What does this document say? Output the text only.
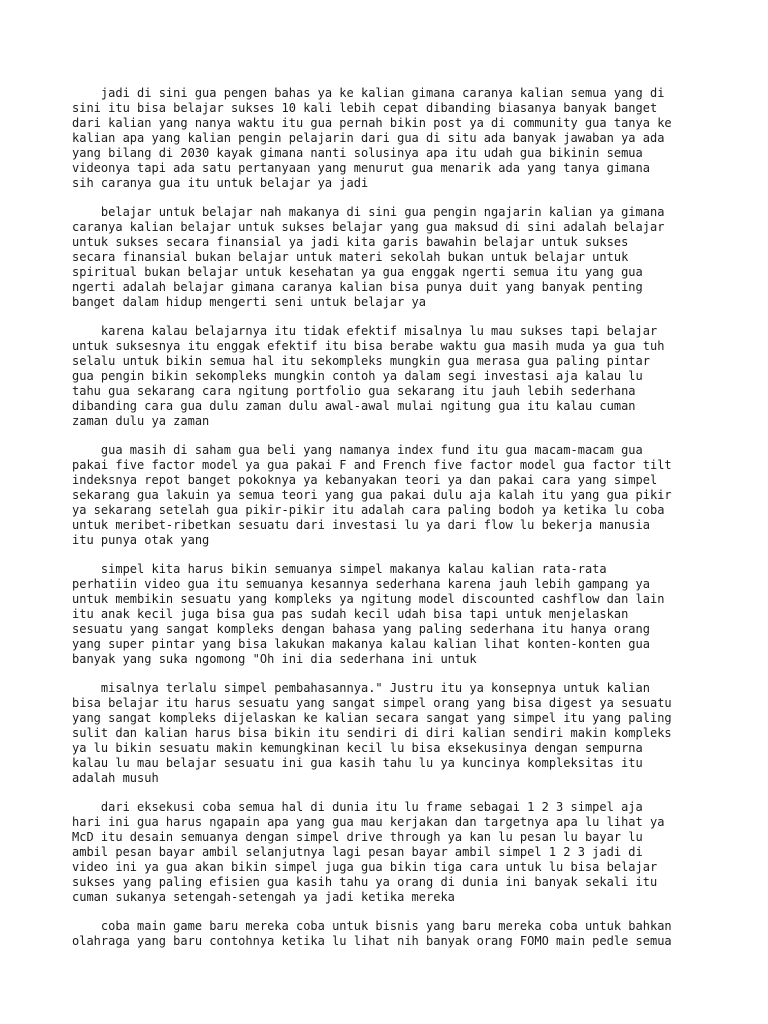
jadi di sini gua pengen bahas ya ke kalian gimana caranya kalian semua yang di
sini itu bisa belajar sukses 10 kali lebih cepat dibanding biasanya banyak banget
dari kalian yang nanya waktu itu gua pernah bikin post ya di community gua tanya ke
kalian apa yang kalian pengin pelajarin dari gua di situ ada banyak jawaban ya ada
yang bilang di 2030 kayak gimana nanti solusinya apa itu udah gua bikinin semua
videonya tapi ada satu pertanyaan yang menurut gua menarik ada yang tanya gimana
sih caranya gua itu untuk belajar ya jadi

belajar untuk belajar nah makanya di sini gua pengin ngajarin kalian ya gimana
caranya kalian belajar untuk sukses belajar yang gua maksud di sini adalah belajar
untuk sukses secara finansial ya jadi kita garis bawahin belajar untuk sukses
secara finansial bukan belajar untuk materi sekolah bukan untuk belajar untuk
spiritual bukan belajar untuk kesehatan ya gua enggak ngerti semua itu yang gua
ngerti adalah belajar gimana caranya kalian bisa punya duit yang banyak penting
banget dalam hidup mengerti seni untuk belajar ya

karena kalau belajarnya itu tidak efektif misalnya lu mau sukses tapi belajar
untuk suksesnya itu enggak efektif itu bisa berabe waktu gua masih muda ya gua tuh
selalu untuk bikin semua hal itu sekompleks mungkin gua merasa gua paling pintar
gua pengin bikin sekompleks mungkin contoh ya dalam segi investasi aja kalau lu
tahu gua sekarang cara ngitung portfolio gua sekarang itu jauh lebih sederhana
dibanding cara gua dulu zaman dulu awal-awal mulai ngitung gua itu kalau cuman
zaman dulu ya zaman

gua masih di saham gua beli yang namanya index fund itu gua macam-macam gua
pakai five factor model ya gua pakai F and French five factor model gua factor tilt
indeksnya repot banget pokoknya ya kebanyakan teori ya dan pakai cara yang simpel
sekarang gua lakuin ya semua teori yang gua pakai dulu aja kalah itu yang gua pikir
ya sekarang setelah gua pikir-pikir itu adalah cara paling bodoh ya ketika lu coba
untuk meribet-ribetkan sesuatu dari investasi lu ya dari flow lu bekerja manusia
itu punya otak yang

simpel kita harus bikin semuanya simpel makanya kalau kalian rata-rata
perhatiin video gua itu semuanya kesannya sederhana karena jauh lebih gampang ya
untuk membikin sesuatu yang kompleks ya ngitung model discounted cashflow dan lain
itu anak kecil juga bisa gua pas sudah kecil udah bisa tapi untuk menjelaskan
sesuatu yang sangat kompleks dengan bahasa yang paling sederhana itu hanya orang
yang super pintar yang bisa lakukan makanya kalau kalian lihat konten-konten gua
banyak yang suka ngomong "Oh ini dia sederhana ini untuk

misalnya terlalu simpel pembahasannya." Justru itu ya konsepnya untuk kalian
bisa belajar itu harus sesuatu yang sangat simpel orang yang bisa digest ya sesuatu
yang sangat kompleks dijelaskan ke kalian secara sangat yang simpel itu yang paling
sulit dan kalian harus bisa bikin itu sendiri di diri kalian sendiri makin kompleks
ya lu bikin sesuatu makin kemungkinan kecil lu bisa eksekusinya dengan sempurna
kalau lu mau belajar sesuatu ini gua kasih tahu lu ya kuncinya kompleksitas itu
adalah musuh

dari eksekusi coba semua hal di dunia itu lu frame sebagai 1 2 3 simpel aja
hari ini gua harus ngapain apa yang gua mau kerjakan dan targetnya apa lu lihat ya
McD itu desain semuanya dengan simpel drive through ya kan lu pesan lu bayar lu
ambil pesan bayar ambil selanjutnya lagi pesan bayar ambil simpel 1 2 3 jadi di
video ini ya gua akan bikin simpel juga gua bikin tiga cara untuk lu bisa belajar
sukses yang paling efisien gua kasih tahu ya orang di dunia ini banyak sekali itu
cuman sukanya setengah-setengah ya jadi ketika mereka

coba main game baru mereka coba untuk bisnis yang baru mereka coba untuk bahkan
olahraga yang baru contohnya ketika lu lihat nih banyak orang FOMO main pedle semua
